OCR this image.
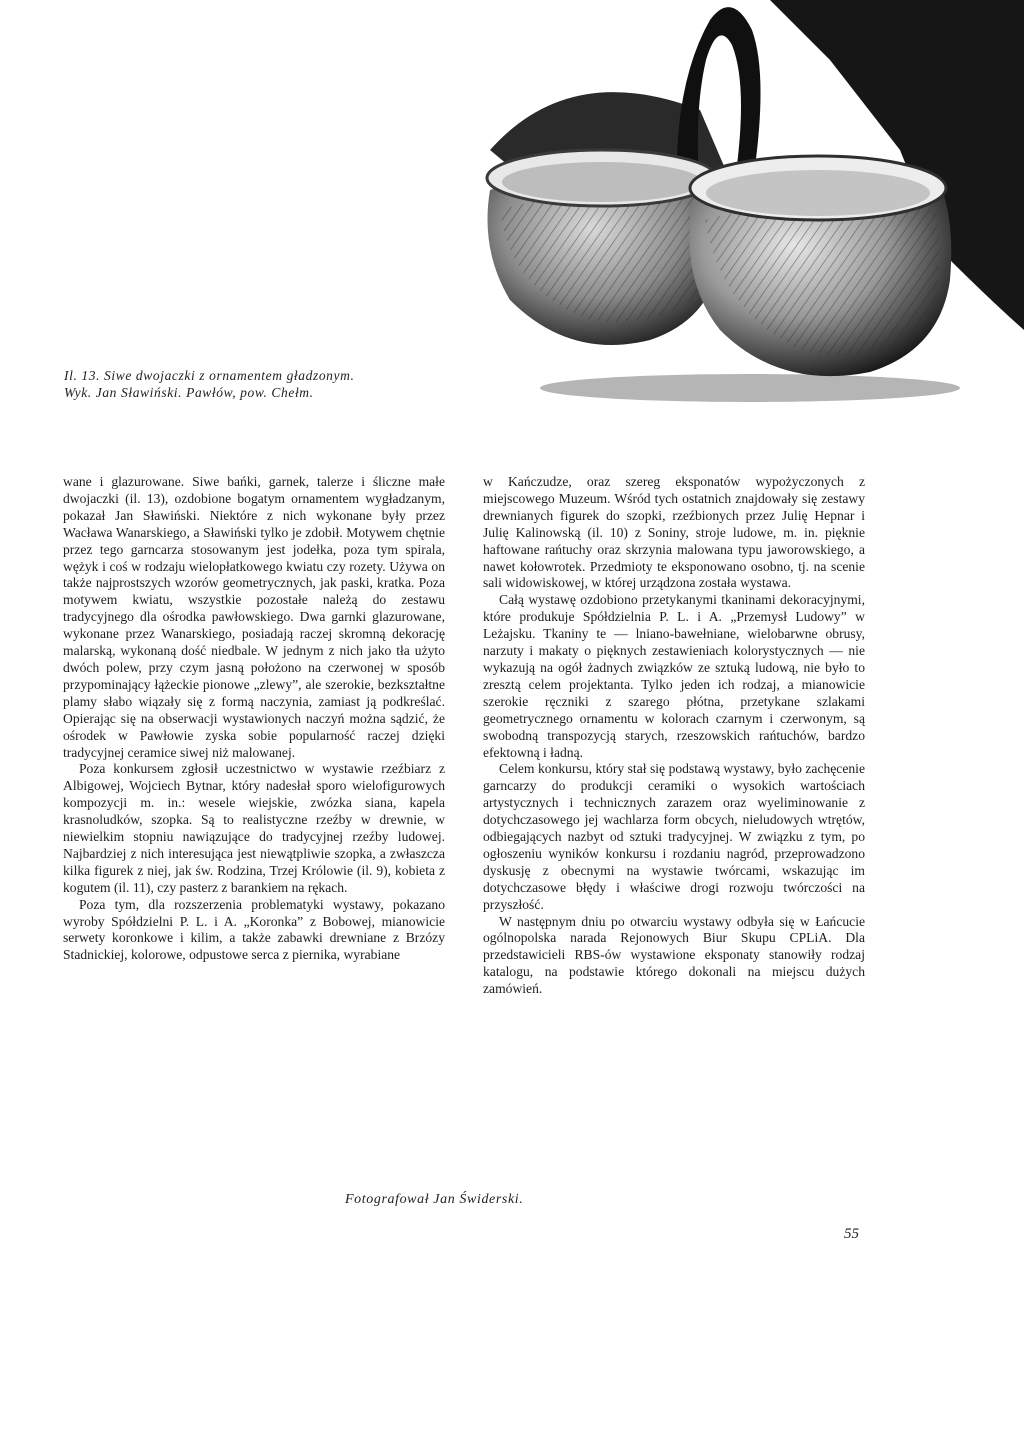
Il. 13. Siwe dwojaczki z ornamentem gładzonym. Wyk. Jan Sławiński. Pawłów, pow. Chełm.

wane i glazurowane. Siwe bańki, garnek, talerze i śliczne małe dwojaczki (il. 13), ozdobione bogatym ornamentem wygładzanym, pokazał Jan Sławiński. Niektóre z nich wykonane były przez Wacława Wanarskiego, a Sławiński tylko je zdobił. Motywem chętnie przez tego garncarza stosowanym jest jodełka, poza tym spirala, wężyk i coś w rodzaju wielopłatkowego kwiatu czy rozety. Używa on także najprostszych wzorów geometrycznych, jak paski, kratka. Poza motywem kwiatu, wszystkie pozostałe należą do zestawu tradycyjnego dla ośrodka pawłowskiego. Dwa garnki glazurowane, wykonane przez Wanarskiego, posiadają raczej skromną dekorację malarską, wykonaną dość niedbale. W jednym z nich jako tła użyto dwóch polew, przy czym jasną położono na czerwonej w sposób przypominający łążeckie pionowe „zlewy”, ale szerokie, bezkształtne plamy słabo wiązały się z formą naczynia, zamiast ją podkreślać. Opierając się na obserwacji wystawionych naczyń można sądzić, że ośrodek w Pawłowie zyska sobie popularność raczej dzięki tradycyjnej ceramice siwej niż malowanej.

Poza konkursem zgłosił uczestnictwo w wystawie rzeźbiarz z Albigowej, Wojciech Bytnar, który nadesłał sporo wielofigurowych kompozycji m. in.: wesele wiejskie, zwózka siana, kapela krasnoludków, szopka. Są to realistyczne rzeźby w drewnie, w niewielkim stopniu nawiązujące do tradycyjnej rzeźby ludowej. Najbardziej z nich interesująca jest niewątpliwie szopka, a zwłaszcza kilka figurek z niej, jak św. Rodzina, Trzej Królowie (il. 9), kobieta z kogutem (il. 11), czy pasterz z barankiem na rękach.

Poza tym, dla rozszerzenia problematyki wystawy, pokazano wyroby Spółdzielni P. L. i A. „Koronka” z Bobowej, mianowicie serwety koronkowe i kilim, a także zabawki drewniane z Brzózy Stadnickiej, kolorowe, odpustowe serca z piernika, wyrabiane

w Kańczudze, oraz szereg eksponatów wypożyczonych z miejscowego Muzeum. Wśród tych ostatnich znajdowały się zestawy drewnianych figurek do szopki, rzeźbionych przez Julię Hepnar i Julię Kalinowską (il. 10) z Soniny, stroje ludowe, m. in. pięknie haftowane rańtuchy oraz skrzynia malowana typu jaworowskiego, a nawet kołowrotek. Przedmioty te eksponowano osobno, tj. na scenie sali widowiskowej, w której urządzona została wystawa.

Całą wystawę ozdobiono przetykanymi tkaninami dekoracyjnymi, które produkuje Spółdzielnia P. L. i A. „Przemysł Ludowy” w Leżajsku. Tkaniny te — lniano-bawełniane, wielobarwne obrusy, narzuty i makaty o pięknych zestawieniach kolorystycznych — nie wykazują na ogół żadnych związków ze sztuką ludową, nie było to zresztą celem projektanta. Tylko jeden ich rodzaj, a mianowicie szerokie ręczniki z szarego płótna, przetykane szlakami geometrycznego ornamentu w kolorach czarnym i czerwonym, są swobodną transpozycją starych, rzeszowskich rańtuchów, bardzo efektowną i ładną.

Celem konkursu, który stał się podstawą wystawy, było zachęcenie garncarzy do produkcji ceramiki o wysokich wartościach artystycznych i technicznych zarazem oraz wyeliminowanie z dotychczasowego jej wachlarza form obcych, nieludowych wtrętów, odbiegających nazbyt od sztuki tradycyjnej. W związku z tym, po ogłoszeniu wyników konkursu i rozdaniu nagród, przeprowadzono dyskusję z obecnymi na wystawie twórcami, wskazując im dotychczasowe błędy i właściwe drogi rozwoju twórczości na przyszłość.

W następnym dniu po otwarciu wystawy odbyła się w Łańcucie ogólnopolska narada Rejonowych Biur Skupu CPLiA. Dla przedstawicieli RBS-ów wystawione eksponaty stanowiły rodzaj katalogu, na podstawie którego dokonali na miejscu dużych zamówień.

Fotografował Jan Świderski.
55
